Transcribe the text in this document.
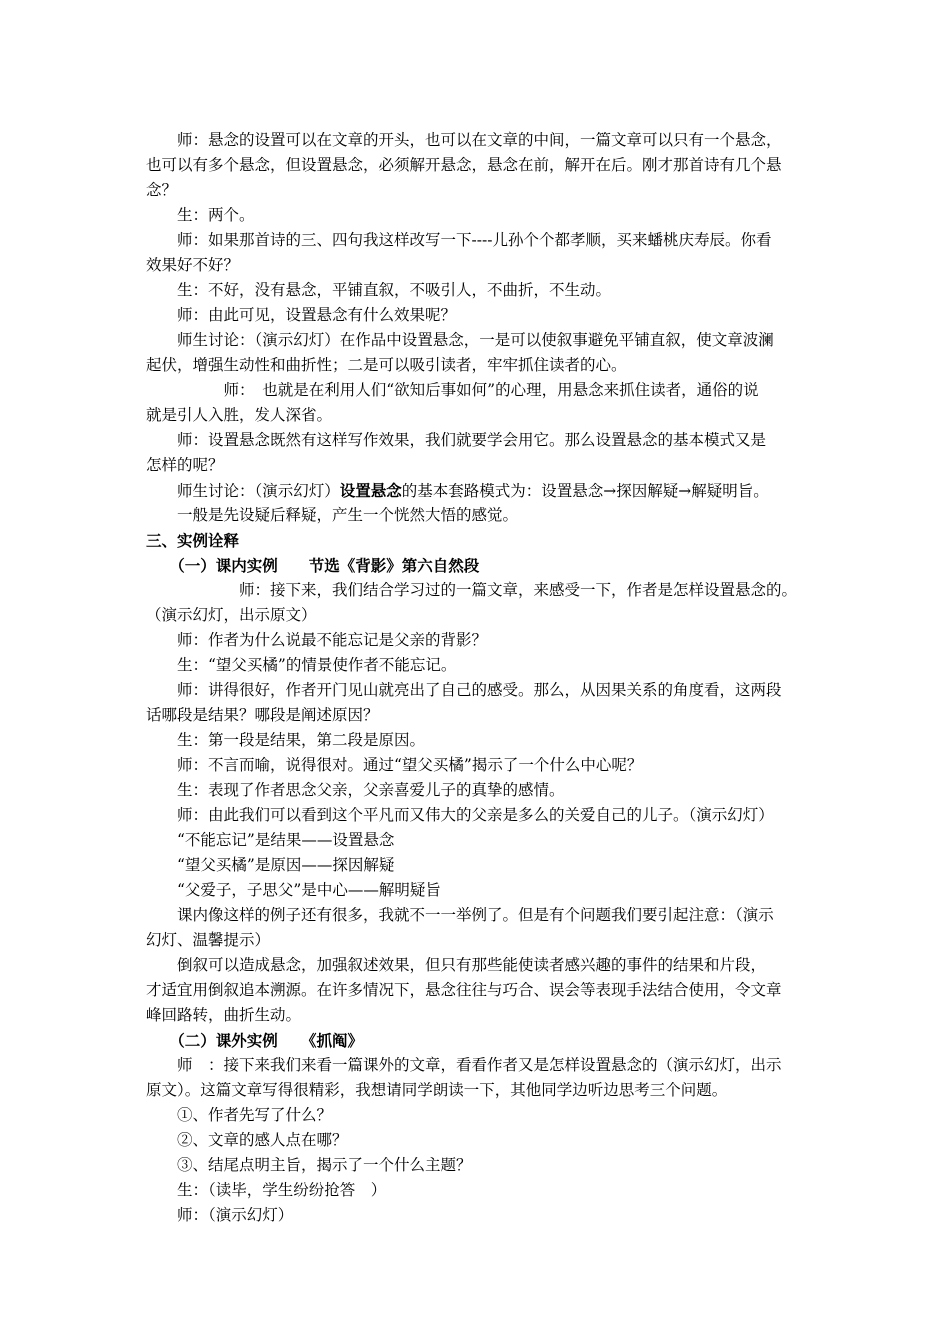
　　师：悬念的设置可以在文章的开头，也可以在文章的中间，一篇文章可以只有一个悬念，
也可以有多个悬念，但设置悬念，必须解开悬念，悬念在前，解开在后。刚才那首诗有几个悬
念？
　　生：两个。
　　师：如果那首诗的三、四句我这样改写一下----儿孙个个都孝顺，买来蟠桃庆寿辰。你看
效果好不好？
　　生：不好，没有悬念，平铺直叙，不吸引人，不曲折，不生动。
　　师：由此可见，设置悬念有什么效果呢？
　　师生讨论：（演示幻灯）在作品中设置悬念，一是可以使叙事避免平铺直叙，使文章波澜
起伏，增强生动性和曲折性；二是可以吸引读者，牢牢抓住读者的心。
　　　　　师：　也就是在利用人们“欲知后事如何”的心理，用悬念来抓住读者，通俗的说
就是引人入胜，发人深省。
　　师：设置悬念既然有这样写作效果，我们就要学会用它。那么设置悬念的基本模式又是
怎样的呢？
　　师生讨论：（演示幻灯）设置悬念的基本套路模式为：设置悬念→探因解疑→解疑明旨。
　　一般是先设疑后释疑，产生一个恍然大悟的感觉。
三、实例诠释
　　（一）课内实例　　节选《背影》第六自然段
　　　　　　师：接下来，我们结合学习过的一篇文章，来感受一下，作者是怎样设置悬念的。
（演示幻灯，出示原文）
　　师：作者为什么说最不能忘记是父亲的背影？
　　生：“望父买橘”的情景使作者不能忘记。
　　师：讲得很好，作者开门见山就亮出了自己的感受。那么，从因果关系的角度看，这两段
话哪段是结果？哪段是阐述原因？
　　生：第一段是结果，第二段是原因。
　　师：不言而喻，说得很对。通过“望父买橘”揭示了一个什么中心呢？
　　生：表现了作者思念父亲，父亲喜爱儿子的真挚的感情。
　　师：由此我们可以看到这个平凡而又伟大的父亲是多么的关爱自己的儿子。（演示幻灯）
　　“不能忘记”是结果——设置悬念
　　“望父买橘”是原因——探因解疑
　　“父爱子，子思父”是中心——解明疑旨
　　课内像这样的例子还有很多，我就不一一举例了。但是有个问题我们要引起注意：（演示
幻灯、温馨提示）
　　倒叙可以造成悬念，加强叙述效果，但只有那些能使读者感兴趣的事件的结果和片段，
才适宜用倒叙追本溯源。在许多情况下，悬念往往与巧合、误会等表现手法结合使用，令文章
峰回路转，曲折生动。
　　（二）课外实例　　《抓阄》
　　师　：接下来我们来看一篇课外的文章，看看作者又是怎样设置悬念的（演示幻灯，出示
原文）。这篇文章写得很精彩，我想请同学朗读一下，其他同学边听边思考三个问题。
　　①、作者先写了什么？
　　②、文章的感人点在哪？
　　③、结尾点明主旨，揭示了一个什么主题？
　　生：（读毕，学生纷纷抢答　）
　　师：（演示幻灯）
